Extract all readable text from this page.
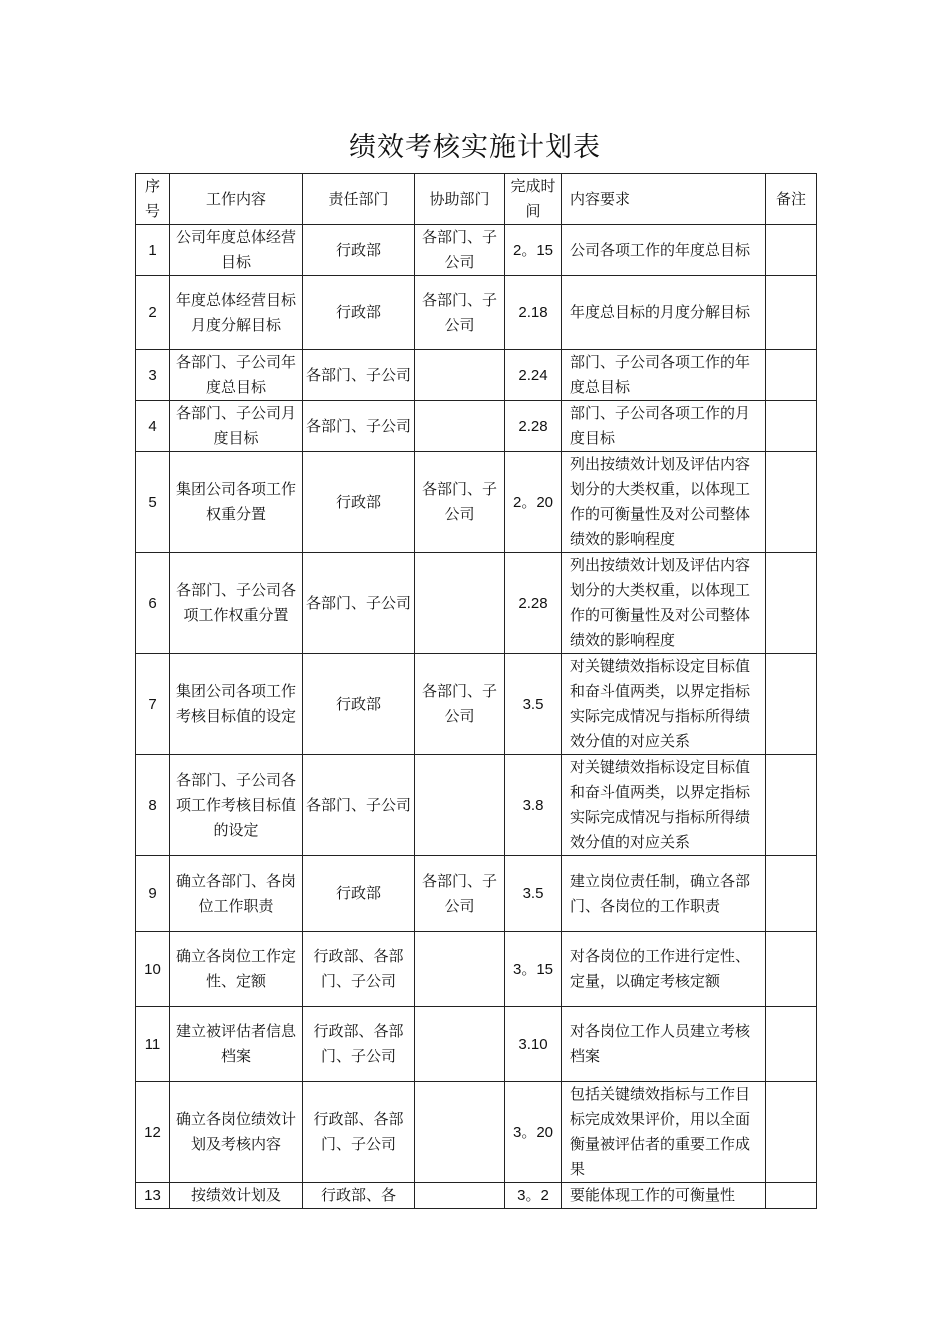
绩效考核实施计划表
序号	工作内容	责任部门	协助部门	完成时间	内容要求	备注
1	公司年度总体经营目标	行政部	各部门、子公司	2。15	公司各项工作的年度总目标	
2	年度总体经营目标月度分解目标	行政部	各部门、子公司	2.18	年度总目标的月度分解目标	
3	各部门、子公司年度总目标	各部门、子公司		2.24	部门、子公司各项工作的年度总目标	
4	各部门、子公司月度目标	各部门、子公司		2.28	部门、子公司各项工作的月度目标	
5	集团公司各项工作权重分置	行政部	各部门、子公司	2。20	列出按绩效计划及评估内容划分的大类权重，以体现工作的可衡量性及对公司整体绩效的影响程度	
6	各部门、子公司各项工作权重分置	各部门、子公司		2.28	列出按绩效计划及评估内容划分的大类权重，以体现工作的可衡量性及对公司整体绩效的影响程度	
7	集团公司各项工作考核目标值的设定	行政部	各部门、子公司	3.5	对关键绩效指标设定目标值和奋斗值两类，以界定指标实际完成情况与指标所得绩效分值的对应关系	
8	各部门、子公司各项工作考核目标值的设定	各部门、子公司		3.8	对关键绩效指标设定目标值和奋斗值两类，以界定指标实际完成情况与指标所得绩效分值的对应关系	
9	确立各部门、各岗位工作职责	行政部	各部门、子公司	3.5	建立岗位责任制，确立各部门、各岗位的工作职责	
10	确立各岗位工作定性、定额	行政部、各部门、子公司		3。15	对各岗位的工作进行定性、定量，以确定考核定额	
11	建立被评估者信息档案	行政部、各部门、子公司		3.10	对各岗位工作人员建立考核档案	
12	确立各岗位绩效计划及考核内容	行政部、各部门、子公司		3。20	包括关键绩效指标与工作目标完成效果评价，用以全面衡量被评估者的重要工作成果	
13	按绩效计划及	行政部、各		3。2	要能体现工作的可衡量性	
